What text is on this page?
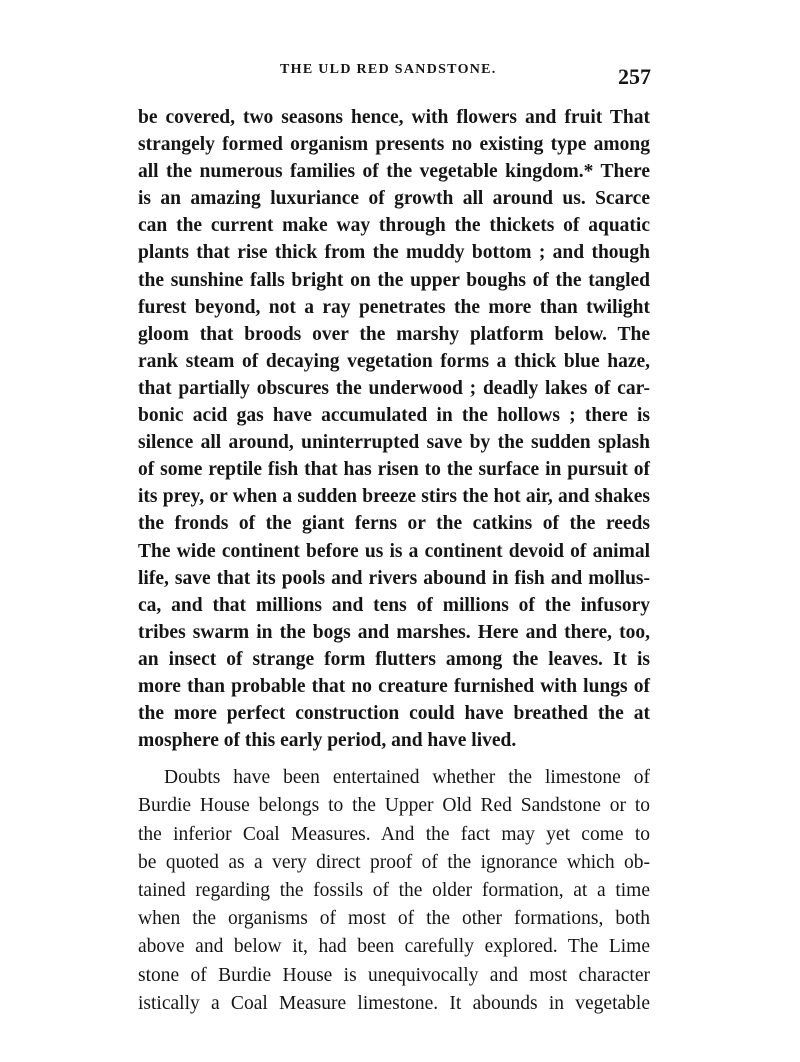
THE ULD RED SANDSTONE.	257
be covered, two seasons hence, with flowers and fruit That
strangely formed organism presents no existing type among
all the numerous families of the vegetable kingdom.* There
is an amazing luxuriance of growth all around us. Scarce
can the current make way through the thickets of aquatic
plants that rise thick from the muddy bottom ; and though
the sunshine falls bright on the upper boughs of the tangled
furest beyond, not a ray penetrates the more than twilight
gloom that broods over the marshy platform below. The
rank steam of decaying vegetation forms a thick blue haze,
that partially obscures the underwood ; deadly lakes of car-
bonic acid gas have accumulated in the hollows ; there is
silence all around, uninterrupted save by the sudden splash
of some reptile fish that has risen to the surface in pursuit of
its prey, or when a sudden breeze stirs the hot air, and shakes
the fronds of the giant ferns or the catkins of the reeds
The wide continent before us is a continent devoid of animal
life, save that its pools and rivers abound in fish and mollus-
ca, and that millions and tens of millions of the infusory
tribes swarm in the bogs and marshes. Here and there, too,
an insect of strange form flutters among the leaves. It is
more than probable that no creature furnished with lungs of
the more perfect construction could have breathed the at
mosphere of this early period, and have lived.
Doubts have been entertained whether the limestone of
Burdie House belongs to the Upper Old Red Sandstone or to
the inferior Coal Measures. And the fact may yet come to
be quoted as a very direct proof of the ignorance which ob-
tained regarding the fossils of the older formation, at a time
when the organisms of most of the other formations, both
above and below it, had been carefully explored. The Lime
stone of Burdie House is unequivocally and most character
istically a Coal Measure limestone. It abounds in vegetable
